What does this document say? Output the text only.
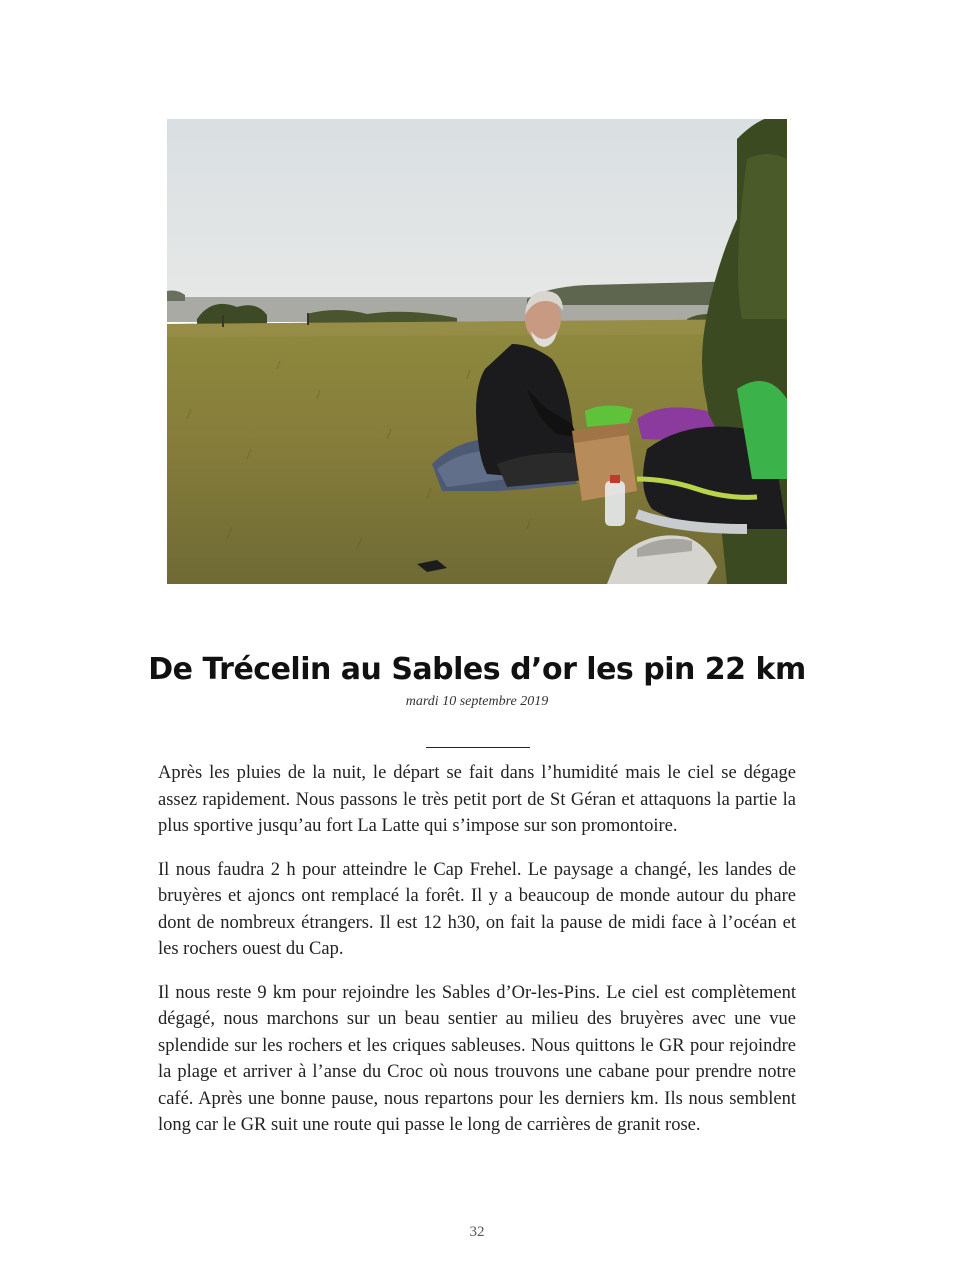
De Trécelin au Sables d’or les pin 22 km
mardi 10 septembre 2019

Après les pluies de la nuit, le départ se fait dans l’humidité mais le ciel se dégage assez rapidement. Nous passons le très petit port de St Géran et attaquons la partie la plus sportive jusqu’au fort La Latte qui s’impose sur son promontoire.

Il nous faudra 2 h pour atteindre le Cap Frehel. Le paysage a changé, les landes de bruyères et ajoncs ont remplacé la forêt. Il y a beaucoup de monde autour du phare dont de nombreux étrangers. Il est 12 h30, on fait la pause de midi face à l’océan et les rochers ouest du Cap.

Il nous reste 9 km pour rejoindre les Sables d’Or-les-Pins. Le ciel est complètement dégagé, nous marchons sur un beau sentier au milieu des bruyères avec une vue splendide sur les rochers et les criques sableuses. Nous quittons le GR pour rejoindre la plage et arriver à l’anse du Croc où nous trouvons une cabane pour prendre notre café. Après une bonne pause, nous repartons pour les derniers km. Ils nous semblent long car le GR suit une route qui passe le long de carrières de granit rose.

32
